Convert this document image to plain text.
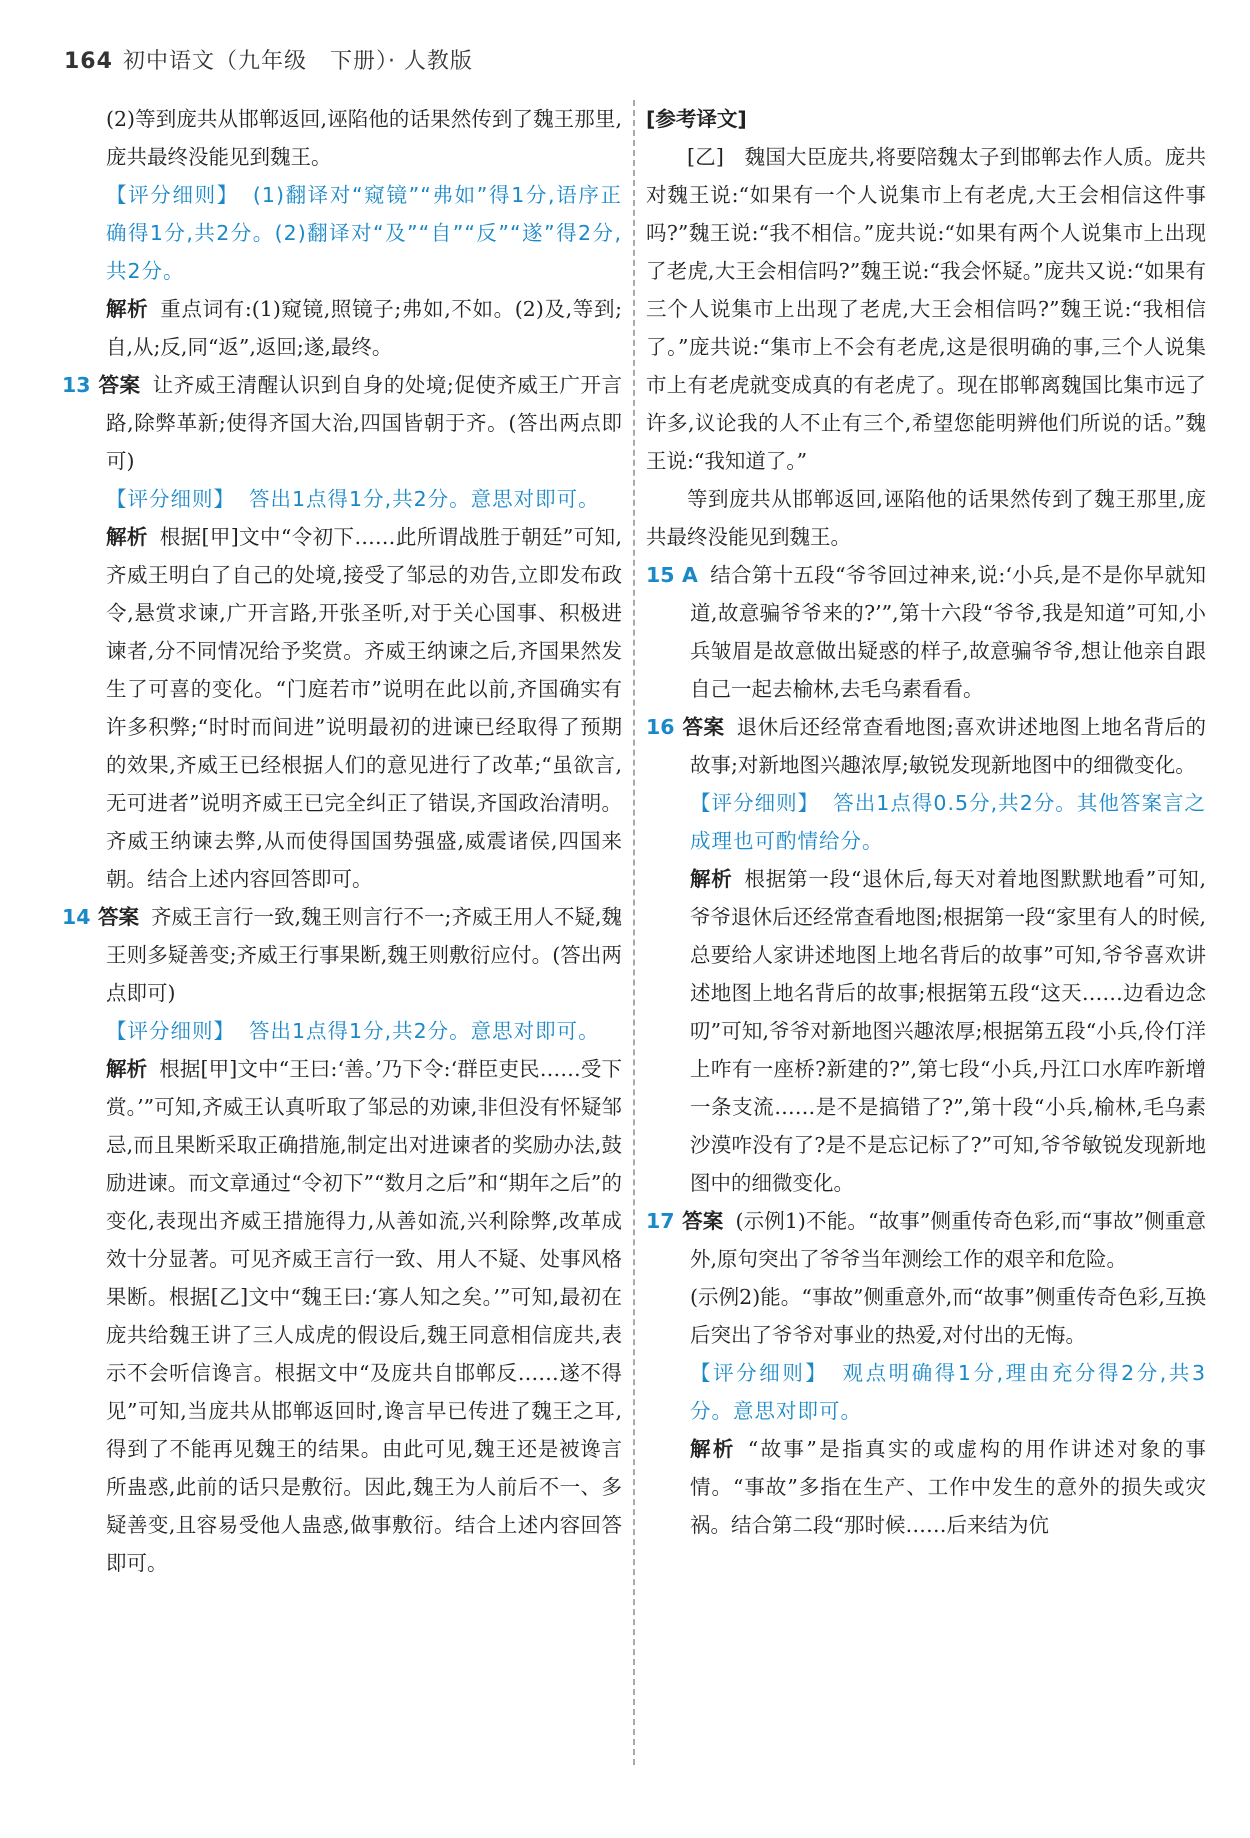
164 初中语文（九年级　下册）· 人教版

(2)等到庞共从邯郸返回,诬陷他的话果然传到了魏王那里,庞共最终没能见到魏王。

【评分细则】 (1)翻译对“窥镜”“弗如”得1分,语序正确得1分,共2分。(2)翻译对“及”“自”“反”“遂”得2分,共2分。

解析 重点词有:(1)窥镜,照镜子;弗如,不如。(2)及,等到;自,从;反,同“返”,返回;遂,最终。

13 答案 让齐威王清醒认识到自身的处境;促使齐威王广开言路,除弊革新;使得齐国大治,四国皆朝于齐。(答出两点即可)

【评分细则】 答出1点得1分,共2分。意思对即可。

解析 根据[甲]文中“令初下……此所谓战胜于朝廷”可知,齐威王明白了自己的处境,接受了邹忌的劝告,立即发布政令,悬赏求谏,广开言路,开张圣听,对于关心国事、积极进谏者,分不同情况给予奖赏。齐威王纳谏之后,齐国果然发生了可喜的变化。“门庭若市”说明在此以前,齐国确实有许多积弊;“时时而间进”说明最初的进谏已经取得了预期的效果,齐威王已经根据人们的意见进行了改革;“虽欲言,无可进者”说明齐威王已完全纠正了错误,齐国政治清明。齐威王纳谏去弊,从而使得国国势强盛,威震诸侯,四国来朝。结合上述内容回答即可。

14 答案 齐威王言行一致,魏王则言行不一;齐威王用人不疑,魏王则多疑善变;齐威王行事果断,魏王则敷衍应付。(答出两点即可)

【评分细则】 答出1点得1分,共2分。意思对即可。

解析 根据[甲]文中“王曰:‘善。’乃下令:‘群臣吏民……受下赏。’”可知,齐威王认真听取了邹忌的劝谏,非但没有怀疑邹忌,而且果断采取正确措施,制定出对进谏者的奖励办法,鼓励进谏。而文章通过“令初下”“数月之后”和“期年之后”的变化,表现出齐威王措施得力,从善如流,兴利除弊,改革成效十分显著。可见齐威王言行一致、用人不疑、处事风格果断。根据[乙]文中“魏王曰:‘寡人知之矣。’”可知,最初在庞共给魏王讲了三人成虎的假设后,魏王同意相信庞共,表示不会听信谗言。根据文中“及庞共自邯郸反……遂不得见”可知,当庞共从邯郸返回时,谗言早已传进了魏王之耳,得到了不能再见魏王的结果。由此可见,魏王还是被谗言所蛊惑,此前的话只是敷衍。因此,魏王为人前后不一、多疑善变,且容易受他人蛊惑,做事敷衍。结合上述内容回答即可。

[参考译文]

[乙]　魏国大臣庞共,将要陪魏太子到邯郸去作人质。庞共对魏王说:“如果有一个人说集市上有老虎,大王会相信这件事吗?”魏王说:“我不相信。”庞共说:“如果有两个人说集市上出现了老虎,大王会相信吗?”魏王说:“我会怀疑。”庞共又说:“如果有三个人说集市上出现了老虎,大王会相信吗?”魏王说:“我相信了。”庞共说:“集市上不会有老虎,这是很明确的事,三个人说集市上有老虎就变成真的有老虎了。现在邯郸离魏国比集市远了许多,议论我的人不止有三个,希望您能明辨他们所说的话。”魏王说:“我知道了。”

等到庞共从邯郸返回,诬陷他的话果然传到了魏王那里,庞共最终没能见到魏王。

15 A 结合第十五段“爷爷回过神来,说:‘小兵,是不是你早就知道,故意骗爷爷来的?’”,第十六段“爷爷,我是知道”可知,小兵皱眉是故意做出疑惑的样子,故意骗爷爷,想让他亲自跟自己一起去榆林,去毛乌素看看。

16 答案 退休后还经常查看地图;喜欢讲述地图上地名背后的故事;对新地图兴趣浓厚;敏锐发现新地图中的细微变化。

【评分细则】 答出1点得0.5分,共2分。其他答案言之成理也可酌情给分。

解析 根据第一段“退休后,每天对着地图默默地看”可知,爷爷退休后还经常查看地图;根据第一段“家里有人的时候,总要给人家讲述地图上地名背后的故事”可知,爷爷喜欢讲述地图上地名背后的故事;根据第五段“这天……边看边念叨”可知,爷爷对新地图兴趣浓厚;根据第五段“小兵,伶仃洋上咋有一座桥?新建的?”,第七段“小兵,丹江口水库咋新增一条支流……是不是搞错了?”,第十段“小兵,榆林,毛乌素沙漠咋没有了?是不是忘记标了?”可知,爷爷敏锐发现新地图中的细微变化。

17 答案 (示例1)不能。“故事”侧重传奇色彩,而“事故”侧重意外,原句突出了爷爷当年测绘工作的艰辛和危险。

(示例2)能。“事故”侧重意外,而“故事”侧重传奇色彩,互换后突出了爷爷对事业的热爱,对付出的无悔。

【评分细则】 观点明确得1分,理由充分得2分,共3分。意思对即可。

解析 “故事”是指真实的或虚构的用作讲述对象的事情。“事故”多指在生产、工作中发生的意外的损失或灾祸。结合第二段“那时候……后来结为伉
